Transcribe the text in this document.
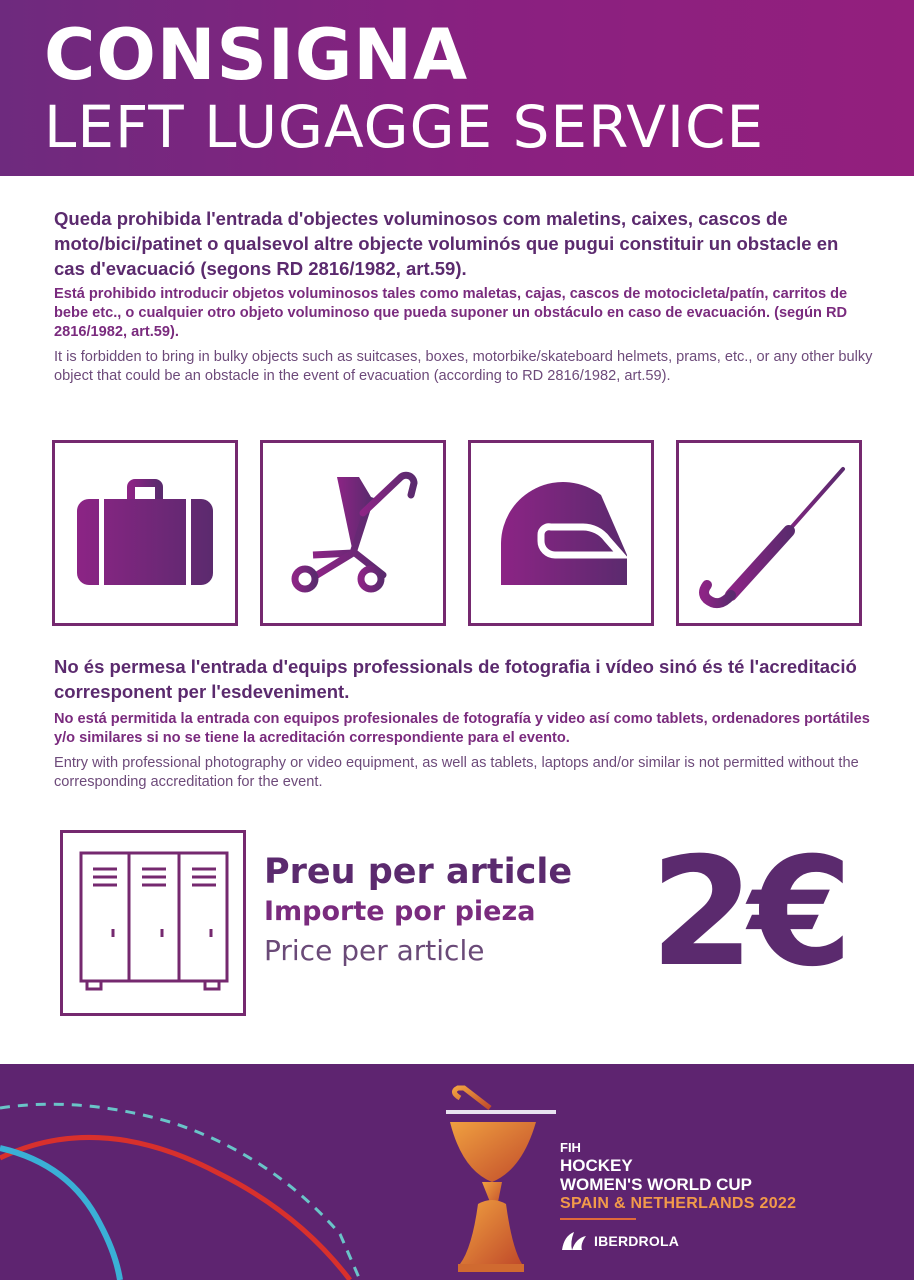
CONSIGNA
LEFT LUGAGGE SERVICE

Queda prohibida l'entrada d'objectes voluminosos com maletins, caixes, cascos de moto/bici/patinet o qualsevol altre objecte voluminós que pugui constituir un obstacle en cas d'evacuació (segons RD 2816/1982, art.59).

Está prohibido introducir objetos voluminosos tales como maletas, cajas, cascos de motocicleta/patín, carritos de bebe etc., o cualquier otro objeto voluminoso que pueda suponer un obstáculo en caso de evacuación. (según RD 2816/1982, art.59).

It is forbidden to bring in bulky objects such as suitcases, boxes, motorbike/skateboard helmets, prams, etc., or any other bulky object that could be an obstacle in the event of evacuation (according to RD 2816/1982, art.59).

No és permesa l'entrada d'equips professionals de fotografia i vídeo sinó és té l'acreditació corresponent per l'esdeveniment.

No está permitida la entrada con equipos profesionales de fotografía y video así como tablets, ordenadores portátiles y/o similares si no se tiene la acreditación correspondiente para el evento.

Entry with professional photography or video equipment, as well as tablets, laptops and/or similar is not permitted without the corresponding accreditation for the event.

Preu per article
Importe por pieza
Price per article 2€
FIH
HOCKEY
WOMEN'S WORLD CUP
SPAIN & NETHERLANDS 2022
IBERDROLA
